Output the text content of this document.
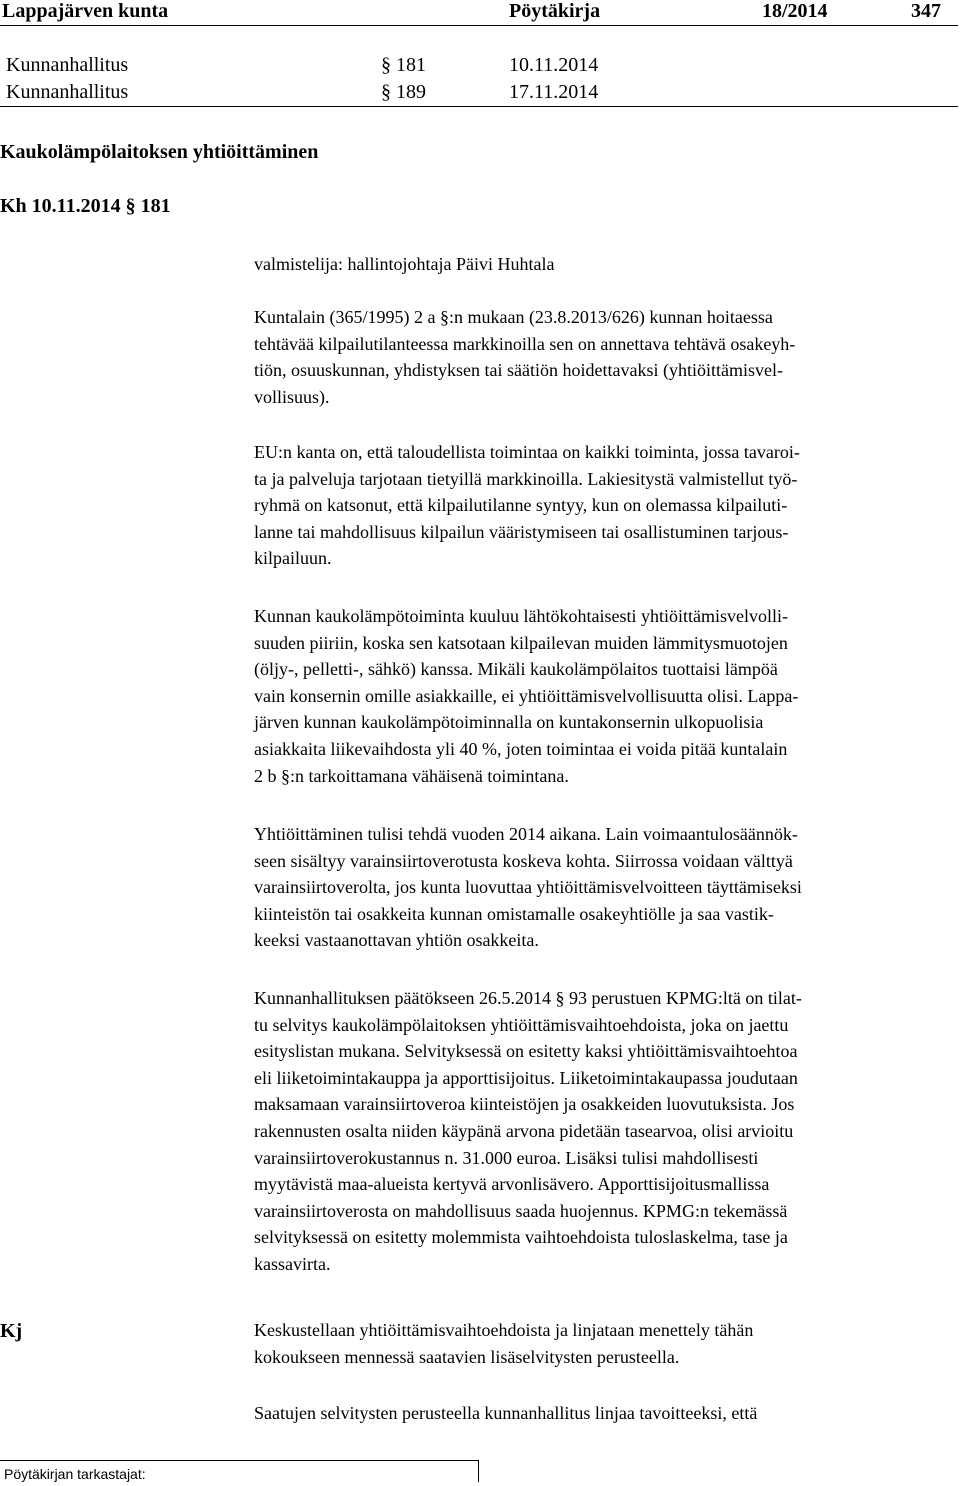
Lappajärven kunta	Pöytäkirja	18/2014	347
Kunnanhallitus	§ 181	10.11.2014
Kunnanhallitus	§ 189	17.11.2014
Kaukolämpölaitoksen yhtiöittäminen
Kh 10.11.2014 § 181

valmistelija: hallintojohtaja Päivi Huhtala

Kuntalain (365/1995) 2 a §:n mukaan (23.8.2013/626) kunnan hoitaessa
tehtävää kilpailutilanteessa markkinoilla sen on annettava tehtävä osakeyh-
tiön, osuuskunnan, yhdistyksen tai säätiön hoidettavaksi (yhtiöittämisvel-
vollisuus).

EU:n kanta on, että taloudellista toimintaa on kaikki toiminta, jossa tavaroi-
ta ja palveluja tarjotaan tietyillä markkinoilla. Lakiesitystä valmistellut työ-
ryhmä on katsonut, että kilpailutilanne syntyy, kun on olemassa kilpailuti-
lanne tai mahdollisuus kilpailun vääristymiseen tai osallistuminen tarjous-
kilpailuun.

Kunnan kaukolämpötoiminta kuuluu lähtökohtaisesti yhtiöittämisvelvolli-
suuden piiriin, koska sen katsotaan kilpailevan muiden lämmitysmuotojen
(öljy-, pelletti-, sähkö) kanssa. Mikäli kaukolämpölaitos tuottaisi lämpöä
vain konsernin omille asiakkaille, ei yhtiöittämisvelvollisuutta olisi. Lappa-
järven kunnan kaukolämpötoiminnalla on kuntakonsernin ulkopuolisia
asiakkaita liikevaihdosta yli 40 %, joten toimintaa ei voida pitää kuntalain
2 b §:n tarkoittamana vähäisenä toimintana.

Yhtiöittäminen tulisi tehdä vuoden 2014 aikana. Lain voimaantulosäännök-
seen sisältyy varainsiirtoverotusta koskeva kohta. Siirrossa voidaan välttyä
varainsiirtoverolta, jos kunta luovuttaa yhtiöittämisvelvoitteen täyttämiseksi
kiinteistön tai osakkeita kunnan omistamalle osakeyhtiölle ja saa vastik-
keeksi vastaanottavan yhtiön osakkeita.

Kunnanhallituksen päätökseen 26.5.2014 § 93 perustuen KPMG:ltä on tilat-
tu selvitys kaukolämpölaitoksen yhtiöittämisvaihtoehdoista, joka on jaettu
esityslistan mukana. Selvityksessä on esitetty kaksi yhtiöittämisvaihtoehtoa
eli liiketoimintakauppa ja apporttisijoitus. Liiketoimintakaupassa joudutaan
maksamaan varainsiirtoveroa kiinteistöjen ja osakkeiden luovutuksista. Jos
rakennusten osalta niiden käypänä arvona pidetään tasearvoa, olisi arvioitu
varainsiirtoverokustannus n. 31.000 euroa. Lisäksi tulisi mahdollisesti
myytävistä maa-alueista kertyvä arvonlisävero. Apporttisijoitusmallissa
varainsiirtoverosta on mahdollisuus saada huojennus. KPMG:n tekemässä
selvityksessä on esitetty molemmista vaihtoehdoista tuloslaskelma, tase ja
kassavirta.

Kj	Keskustellaan yhtiöittämisvaihtoehdoista ja linjataan menettely tähän
kokoukseen mennessä saatavien lisäselvitysten perusteella.

Saatujen selvitysten perusteella kunnanhallitus linjaa tavoitteeksi, että

Pöytäkirjan tarkastajat:
